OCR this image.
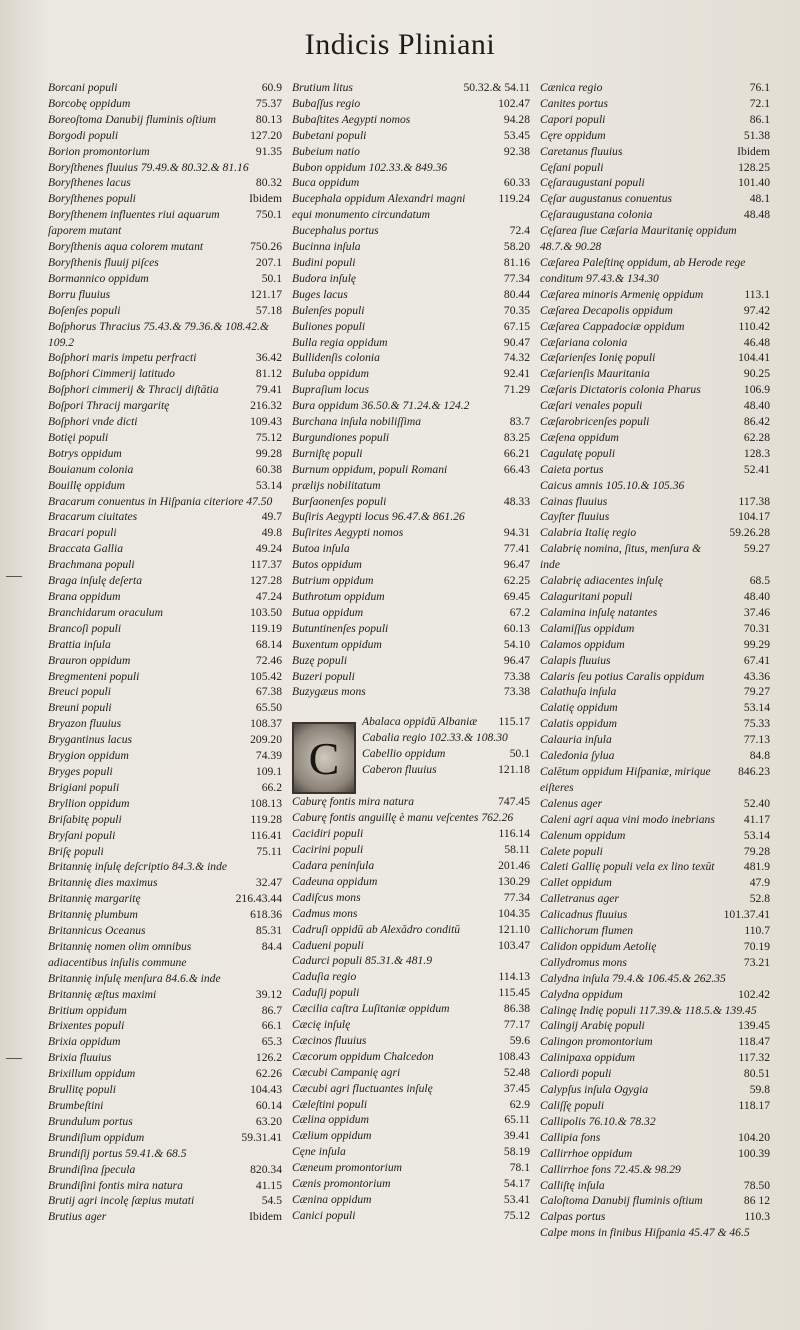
Indicis Pliniani
Borcani populi	60.9
Borcobę oppidum	75.37
Boreoſtoma Danubij fluminis oſtium	80.13
Borgodi populi	127.20
Borion promontorium	91.35
Boryſthenes fluuius 79.49.& 80.32.& 81.16
Boryſthenes lacus	80.32
Boryſthenes populi	Ibidem
Boryſthenem influentes riui aquarum ſaporem mutant
750.1
Boryſthenis aqua colorem mutant	750.26
Boryſthenis fluuij piſces	207.1
Bormannico oppidum	50.1
Borru fluuius	121.17
Boſenſes populi	57.18
Boſphorus Thracius 75.43.& 79.36.& 108.42.& 109.2
Boſphori maris impetu perfracti	36.42
Boſphori Cimmerij latitudo	81.12
Boſphori cimmerij & Thracij diſtātia	79.41
Boſpori Thracij margaritę	216.32
Boſphori vnde dicti	109.43
Botięi populi	75.12
Botrys oppidum	99.28
Bouianum colonia	60.38
Bouillę oppidum	53.14
Bracarum conuentus in Hiſpania citeriore 47.50
Bracarum ciuitates	49.7
Bracari populi	49.8
Braccata Gallia	49.24
Brachmana populi	117.37
Braga inſulę deſerta	127.28
Brana oppidum	47.24
Branchidarum oraculum	103.50
Brancoſi populi	119.19
Brattia inſula	68.14
Brauron oppidum	72.46
Bregmenteni populi	105.42
Breuci populi	67.38
Breuni populi	65.50
Bryazon fluuius	108.37
Brygantinus lacus	209.20
Brygion oppidum	74.39
Bryges populi	109.1
Brigiani populi	66.2
Bryllion oppidum	108.13
Briſabitę populi	119.28
Bryſani populi	116.41
Briſę populi	75.11
Britannię inſulę deſcriptio 84.3.& inde
Britannię dies maximus	32.47
Britannię margaritę	216.43.44
Britannię plumbum	618.36
Britannicus Oceanus	85.31
Britannię nomen olim omnibus adiacentibus inſulis commune
84.4
Britannię inſulę menſura 84.6.& inde
Britannię æſtus maximi	39.12
Britium oppidum	86.7
Brixentes populi	66.1
Brixia oppidum	65.3
Brixia fluuius	126.2
Brixillum oppidum	62.26
Brullitę populi	104.43
Brumbeſtini	60.14
Brundulum portus	63.20
Brundiſium oppidum	59.31.41
Brundiſij portus 59.41.& 68.5
Brundiſina ſpecula	820.34
Brundiſini fontis mira natura	41.15
Brutij agri incolę ſæpius mutati	54.5
Brutius ager	Ibidem
Brutium litus	50.32.& 54.11
Bubaſſus regio	102.47
Bubaſtites Aegypti nomos	94.28
Bubetani populi	53.45
Bubeium natio	92.38
Bubon oppidum 102.33.& 849.36
Buca oppidum	60.33
Bucephala oppidum Alexandri magni equi monumento circundatum
119.24
Bucephalus portus	72.4
Bucinna inſula	58.20
Budini populi	81.16
Budora inſulę	77.34
Buges lacus	80.44
Bulenſes populi	70.35
Buliones populi	67.15
Bulla regia oppidum	90.47
Bullidenſis colonia	74.32
Buluba oppidum	92.41
Bupraſium locus	71.29
Bura oppidum 36.50.& 71.24.& 124.2
Burchana inſula nobiliſſima	83.7
Burgundiones populi	83.25
Burniſtę populi	66.21
Burnum oppidum, populi Romani prælijs nobilitatum
66.43
Burſaonenſes populi	48.33
Buſiris Aegypti locus 96.47.& 861.26
Buſirites Aegypti nomos	94.31
Butoa inſula	77.41
Butos oppidum	96.47
Butrium oppidum	62.25
Buthrotum oppidum	69.45
Butua oppidum	67.2
Butuntinenſes populi	60.13
Buxentum oppidum	54.10
Buzę populi	96.47
Buzeri populi	73.38
Buzygæus mons	73.38
C
Abalaca oppidū Albaniæ 115.17
Cabalia regio 102.33.& 108.30
Cabellio oppidum	50.1
Caberon fluuius	121.18
Caburę fontis mira natura	747.45
Caburę fontis anguillę è manu veſcentes 762.26
Cacidiri populi	116.14
Cacirini populi	58.11
Cadara peninſula	201.46
Cadeuna oppidum	130.29
Cadiſcus mons	77.34
Cadmus mons	104.35
Cadruſi oppidū ab Alexādro conditū	121.10
Cadueni populi	103.47
Cadurci populi 85.31.& 481.9
Caduſia regio	114.13
Caduſij populi	115.45
Cæcilia caſtra Luſitaniæ oppidum	86.38
Cæcię inſulę	77.17
Cæcinos fluuius	59.6
Cæcorum oppidum Chalcedon	108.43
Cæcubi Campanię agri	52.48
Cæcubi agri fluctuantes inſulę	37.45
Cæleſtini populi	62.9
Cælina oppidum	65.11
Cælium oppidum	39.41
Cęne inſula	58.19
Cæneum promontorium	78.1
Cænis promontorium	54.17
Cænina oppidum	53.41
Canici populi	75.12
Cænica regio	76.1
Canites portus	72.1
Capori populi	86.1
Cęre oppidum	51.38
Caretanus fluuius	Ibidem
Cęſani populi	128.25
Cęſaraugustani populi	101.40
Cęſar augustanus conuentus	48.1
Cęſaraugustana colonia	48.48
Cęſarea ſiue Cæſaria Mauritanię oppidum 48.7.& 90.28
Cæſarea Paleſtinę oppidum, ab Herode rege conditum 97.43.& 134.30
Cæſarea minoris Armenię oppidum	113.1
Cæſarea Decapolis oppidum	97.42
Cæſarea Cappadociæ oppidum	110.42
Cæſariana colonia	46.48
Cæſarienſes Ionię populi	104.41
Cæſarienſis Mauritania	90.25
Cæſaris Dictatoris colonia Pharus	106.9
Cæſari venales populi	48.40
Cæſarobricenſes populi	86.42
Cæſena oppidum	62.28
Cagulatę populi	128.3
Caieta portus	52.41
Caicus amnis 105.10.& 105.36
Cainas fluuius	117.38
Cayſter fluuius	104.17
Calabria Italię regio	59.26.28
Calabrię nomina, ſitus, menſura & inde
59.27
Calabrię adiacentes inſulę	68.5
Calaguritani populi	48.40
Calamina inſulę natantes	37.46
Calamiſſus oppidum	70.31
Calamos oppidum	99.29
Calapis fluuius	67.41
Calaris ſeu potius Caralis oppidum	43.36
Calathuſa inſula	79.27
Calatię oppidum	53.14
Calatis oppidum	75.33
Calauria inſula	77.13
Caledonia ſylua	84.8
Calētum oppidum Hiſpaniæ, mirique eiſteres
846.23
Calenus ager	52.40
Caleni agri aqua vini modo inebrians	41.17
Calenum oppidum	53.14
Calete populi	79.28
Caleti Gallię populi vela ex lino texūt	481.9
Callet oppidum	47.9
Calletranus ager	52.8
Calicadnus fluuius	101.37.41
Callichorum flumen	110.7
Calidon oppidum Aetolię	70.19
Callydromus mons	73.21
Calydna inſula 79.4.& 106.45.& 262.35
Calydna oppidum	102.42
Calingę Indię populi 117.39.& 118.5.& 139.45
Calingij Arabię populi	139.45
Calingon promontorium	118.47
Calinipaxa oppidum	117.32
Caliordi populi	80.51
Calypſus inſula Ogygia	59.8
Caliſſę populi	118.17
Callipolis 76.10.& 78.32
Callipia fons	104.20
Callirrhoe oppidum	100.39
Callirrhoe fons 72.45.& 98.29
Calliſtę inſula	78.50
Caloſtoma Danubij fluminis oſtium	86 12
Calpas portus	110.3
Calpe mons in finibus Hiſpania 45.47 & 46.5
